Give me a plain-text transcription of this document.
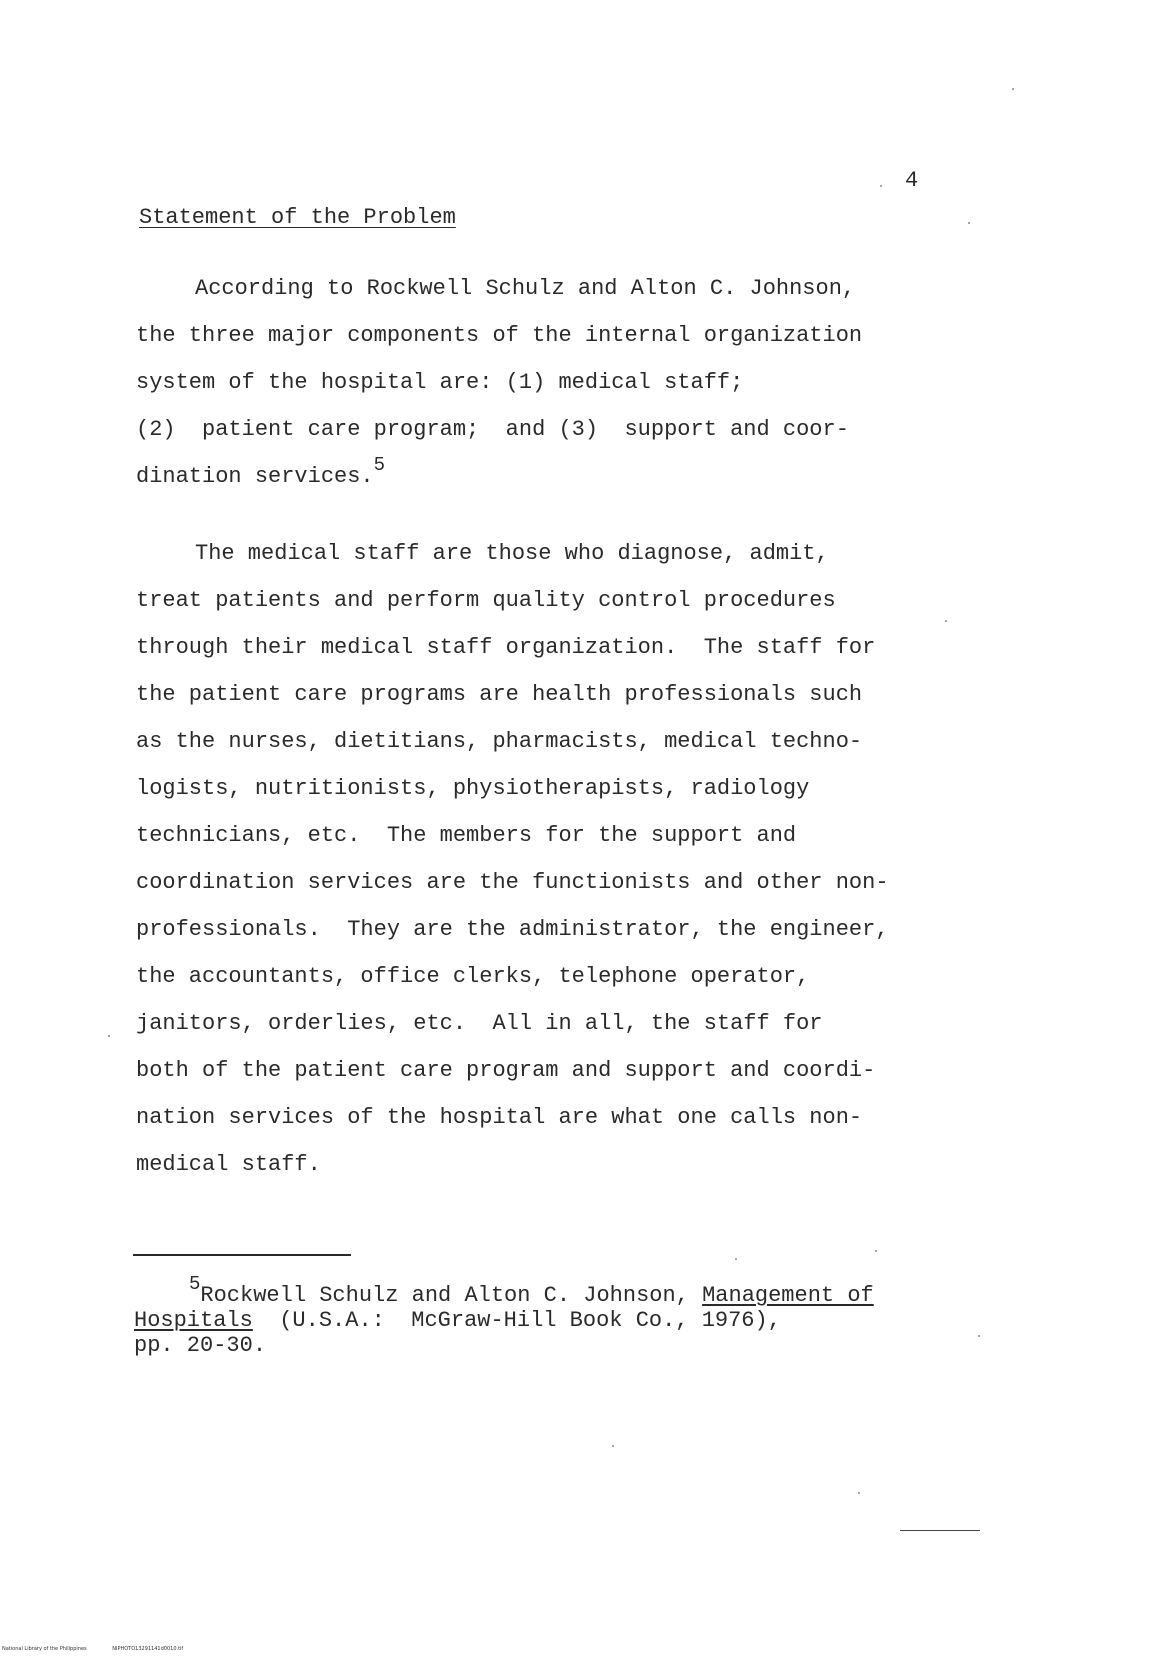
4
Statement of the Problem
According to Rockwell Schulz and Alton C. Johnson,
the three major components of the internal organization
system of the hospital are: (1) medical staff;
(2)  patient care program;  and (3)  support and coor-
dination services.5
The medical staff are those who diagnose, admit,
treat patients and perform quality control procedures
through their medical staff organization.  The staff for
the patient care programs are health professionals such
as the nurses, dietitians, pharmacists, medical techno-
logists, nutritionists, physiotherapists, radiology
technicians, etc.  The members for the support and
coordination services are the functionists and other non-
professionals.  They are the administrator, the engineer,
the accountants, office clerks, telephone operator,
janitors, orderlies, etc.  All in all, the staff for
both of the patient care program and support and coordi-
nation services of the hospital are what one calls non-
medical staff.
5Rockwell Schulz and Alton C. Johnson, Management of
Hospitals  (U.S.A.:  McGraw-Hill Book Co., 1976),
pp. 20-30.
National Library of the Philippines	NIPHOTO13291141d0010.tif
